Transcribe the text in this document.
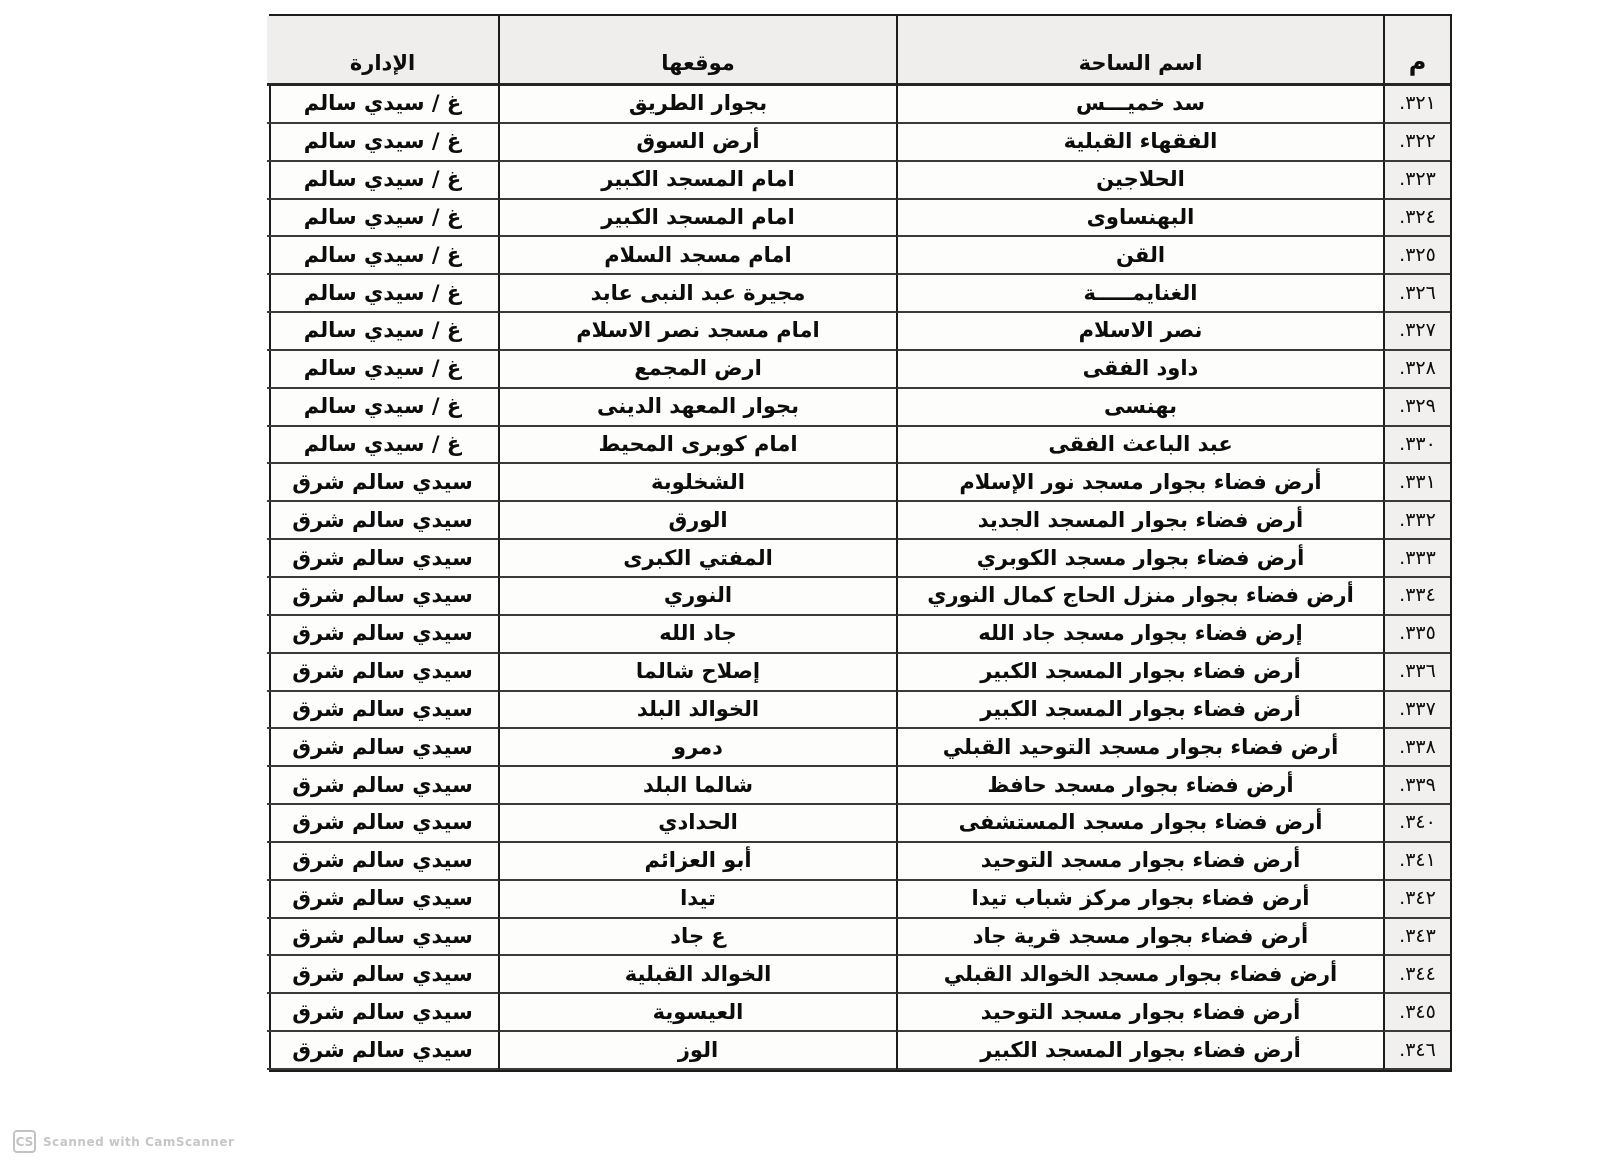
م
اسم الساحة
موقعها
الإدارة
٣٢١.
سد خميـــس
بجوار الطريق
غ / سيدي سالم
٣٢٢.
الفقهاء القبلية
أرض السوق
غ / سيدي سالم
٣٢٣.
الحلاجين
امام المسجد الكبير
غ / سيدي سالم
٣٢٤.
البهنساوى
امام المسجد الكبير
غ / سيدي سالم
٣٢٥.
القن
امام مسجد السلام
غ / سيدي سالم
٣٢٦.
الغنايمـــــة
مجيرة عبد النبى عابد
غ / سيدي سالم
٣٢٧.
نصر الاسلام
امام مسجد نصر الاسلام
غ / سيدي سالم
٣٢٨.
داود الفقى
ارض المجمع
غ / سيدي سالم
٣٢٩.
بهنسى
بجوار المعهد الدينى
غ / سيدي سالم
٣٣٠.
عبد الباعث الفقى
امام كوبرى المحيط
غ / سيدي سالم
٣٣١.
أرض فضاء بجوار مسجد نور الإسلام
الشخلوبة
سيدي سالم شرق
٣٣٢.
أرض فضاء بجوار المسجد الجديد
الورق
سيدي سالم شرق
٣٣٣.
أرض فضاء بجوار مسجد الكوبري
المفتي الكبرى
سيدي سالم شرق
٣٣٤.
أرض فضاء بجوار منزل الحاج كمال النوري
النوري
سيدي سالم شرق
٣٣٥.
إرض فضاء بجوار مسجد جاد الله
جاد الله
سيدي سالم شرق
٣٣٦.
أرض فضاء بجوار المسجد الكبير
إصلاح شالما
سيدي سالم شرق
٣٣٧.
أرض فضاء بجوار المسجد الكبير
الخوالد البلد
سيدي سالم شرق
٣٣٨.
أرض فضاء بجوار مسجد التوحيد القبلي
دمرو
سيدي سالم شرق
٣٣٩.
أرض فضاء بجوار مسجد حافظ
شالما البلد
سيدي سالم شرق
٣٤٠.
أرض فضاء بجوار مسجد المستشفى
الحدادي
سيدي سالم شرق
٣٤١.
أرض فضاء بجوار مسجد التوحيد
أبو العزائم
سيدي سالم شرق
٣٤٢.
أرض فضاء بجوار مركز شباب تيدا
تيدا
سيدي سالم شرق
٣٤٣.
أرض فضاء بجوار مسجد قرية جاد
ع جاد
سيدي سالم شرق
٣٤٤.
أرض فضاء بجوار مسجد الخوالد القبلي
الخوالد القبلية
سيدي سالم شرق
٣٤٥.
أرض فضاء بجوار مسجد التوحيد
العيسوية
سيدي سالم شرق
٣٤٦.
أرض فضاء بجوار المسجد الكبير
الوز
سيدي سالم شرق
CS Scanned with CamScanner
